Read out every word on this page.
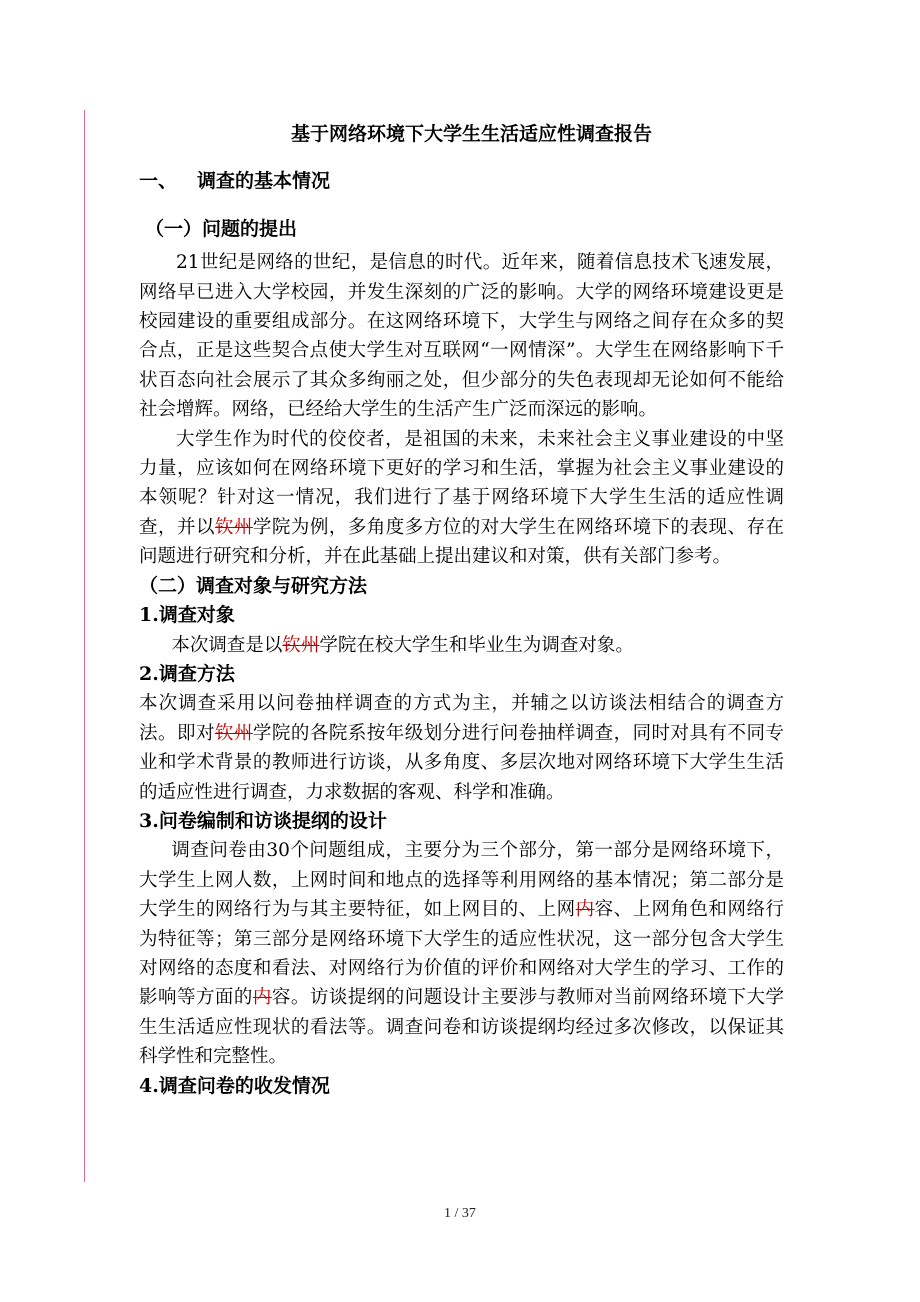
基于网络环境下大学生生活适应性调查报告
一、 调查的基本情况
（一）问题的提出

21世纪是网络的世纪，是信息的时代。近年来，随着信息技术飞速发展，网络早已进入大学校园，并发生深刻的广泛的影响。大学的网络环境建设更是校园建设的重要组成部分。在这网络环境下，大学生与网络之间存在众多的契合点，正是这些契合点使大学生对互联网“一网情深”。大学生在网络影响下千状百态向社会展示了其众多绚丽之处，但少部分的失色表现却无论如何不能给社会增辉。网络，已经给大学生的生活产生广泛而深远的影响。

大学生作为时代的佼佼者，是祖国的未来，未来社会主义事业建设的中坚力量，应该如何在网络环境下更好的学习和生活，掌握为社会主义事业建设的本领呢？针对这一情况，我们进行了基于网络环境下大学生生活的适应性调查，并以钦州学院为例，多角度多方位的对大学生在网络环境下的表现、存在问题进行研究和分析，并在此基础上提出建议和对策，供有关部门参考。

（二）调查对象与研究方法
1.调查对象

本次调查是以钦州学院在校大学生和毕业生为调查对象。

2.调查方法

本次调查采用以问卷抽样调查的方式为主，并辅之以访谈法相结合的调查方法。即对钦州学院的各院系按年级划分进行问卷抽样调查，同时对具有不同专业和学术背景的教师进行访谈，从多角度、多层次地对网络环境下大学生生活的适应性进行调查，力求数据的客观、科学和准确。

3.问卷编制和访谈提纲的设计

调查问卷由30个问题组成，主要分为三个部分，第一部分是网络环境下，大学生上网人数，上网时间和地点的选择等利用网络的基本情况；第二部分是大学生的网络行为与其主要特征，如上网目的、上网内容、上网角色和网络行为特征等；第三部分是网络环境下大学生的适应性状况，这一部分包含大学生对网络的态度和看法、对网络行为价值的评价和网络对大学生的学习、工作的影响等方面的内容。访谈提纲的问题设计主要涉与教师对当前网络环境下大学生生活适应性现状的看法等。调查问卷和访谈提纲均经过多次修改，以保证其科学性和完整性。

4.调查问卷的收发情况
1 / 37
